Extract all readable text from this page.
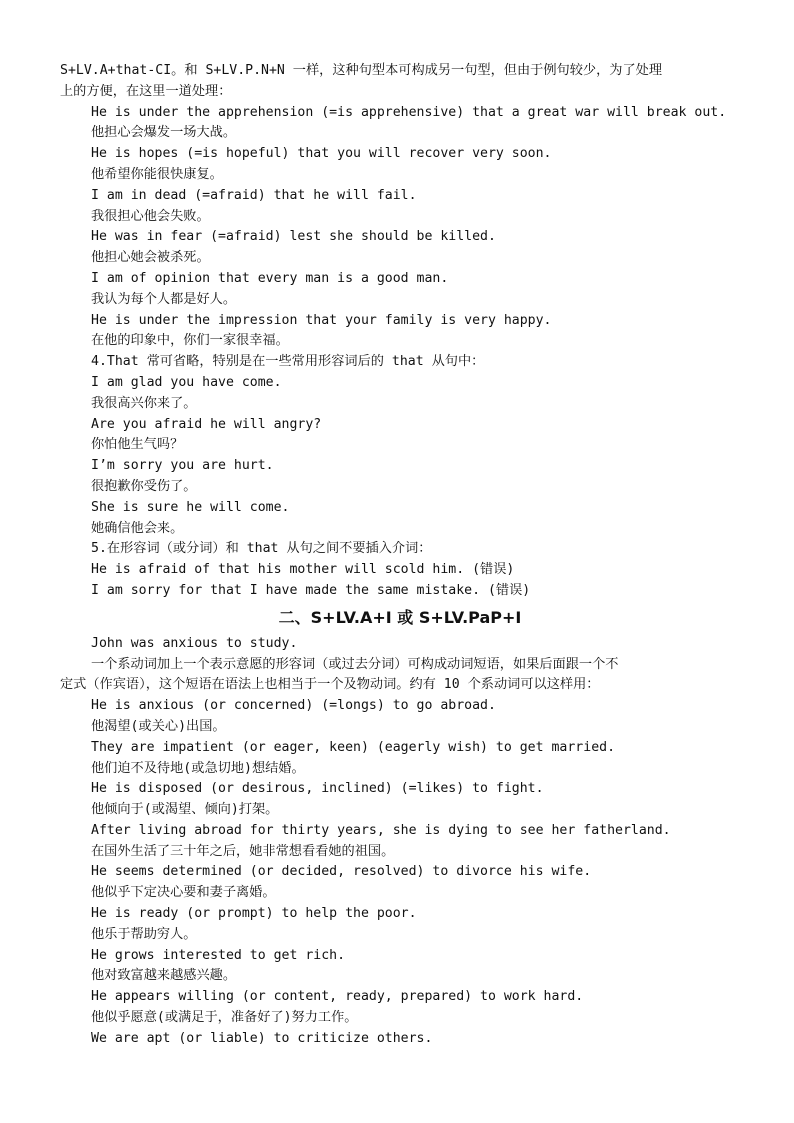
S+LV.A+that-CI。和 S+LV.P.N+N 一样，这种句型本可构成另一句型，但由于例句较少，为了处理
上的方便，在这里一道处理：
He is under the apprehension (=is apprehensive) that a great war will break out.
他担心会爆发一场大战。
He is hopes (=is hopeful) that you will recover very soon.
他希望你能很快康复。
I am in dead (=afraid) that he will fail.
我很担心他会失败。
He was in fear (=afraid) lest she should be killed.
他担心她会被杀死。
I am of opinion that every man is a good man.
我认为每个人都是好人。
He is under the impression that your family is very happy.
在他的印象中，你们一家很幸福。
4.That 常可省略，特别是在一些常用形容词后的 that 从句中：
I am glad you have come.
我很高兴你来了。
Are you afraid he will angry?
你怕他生气吗？
I’m sorry you are hurt.
很抱歉你受伤了。
She is sure he will come.
她确信他会来。
5.在形容词（或分词）和 that 从句之间不要插入介词：
He is afraid of that his mother will scold him. (错误)
I am sorry for that I have made the same mistake. (错误)
二、S+LV.A+I 或 S+LV.PaP+I
John was anxious to study.
一个系动词加上一个表示意愿的形容词（或过去分词）可构成动词短语，如果后面跟一个不
定式（作宾语），这个短语在语法上也相当于一个及物动词。约有 10 个系动词可以这样用：
He is anxious (or concerned) (=longs) to go abroad.
他渴望(或关心)出国。
They are impatient (or eager, keen) (eagerly wish) to get married.
他们迫不及待地(或急切地)想结婚。
He is disposed (or desirous, inclined) (=likes) to fight.
他倾向于(或渴望、倾向)打架。
After living abroad for thirty years, she is dying to see her fatherland.
在国外生活了三十年之后，她非常想看看她的祖国。
He seems determined (or decided, resolved) to divorce his wife.
他似乎下定决心要和妻子离婚。
He is ready (or prompt) to help the poor.
他乐于帮助穷人。
He grows interested to get rich.
他对致富越来越感兴趣。
He appears willing (or content, ready, prepared) to work hard.
他似乎愿意(或满足于，准备好了)努力工作。
We are apt (or liable) to criticize others.
